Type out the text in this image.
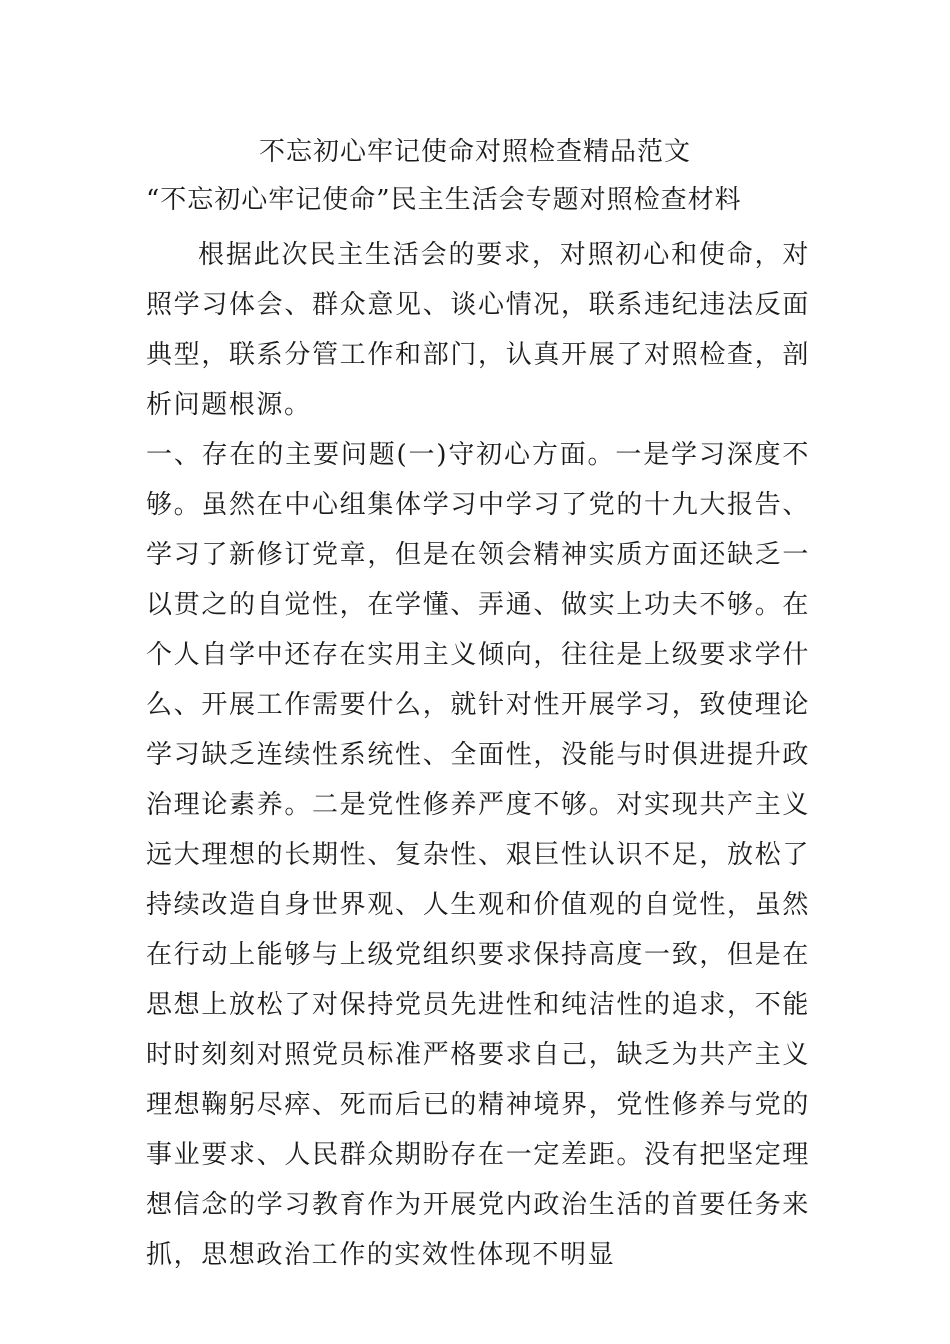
不忘初心牢记使命对照检查精品范文
“不忘初心牢记使命”民主生活会专题对照检查材料

根据此次民主生活会的要求，对照初心和使命，对照学习体会、群众意见、谈心情况，联系违纪违法反面典型，联系分管工作和部门，认真开展了对照检查，剖析问题根源。

一、存在的主要问题(一)守初心方面。一是学习深度不够。虽然在中心组集体学习中学习了党的十九大报告、学习了新修订党章，但是在领会精神实质方面还缺乏一以贯之的自觉性，在学懂、弄通、做实上功夫不够。在个人自学中还存在实用主义倾向，往往是上级要求学什么、开展工作需要什么，就针对性开展学习，致使理论学习缺乏连续性系统性、全面性，没能与时俱进提升政治理论素养。二是党性修养严度不够。对实现共产主义远大理想的长期性、复杂性、艰巨性认识不足，放松了持续改造自身世界观、人生观和价值观的自觉性，虽然在行动上能够与上级党组织要求保持高度一致，但是在思想上放松了对保持党员先进性和纯洁性的追求，不能时时刻刻对照党员标准严格要求自己，缺乏为共产主义理想鞠躬尽瘁、死而后已的精神境界，党性修养与党的事业要求、人民群众期盼存在一定差距。没有把坚定理想信念的学习教育作为开展党内政治生活的首要任务来抓，思想政治工作的实效性体现不明显
